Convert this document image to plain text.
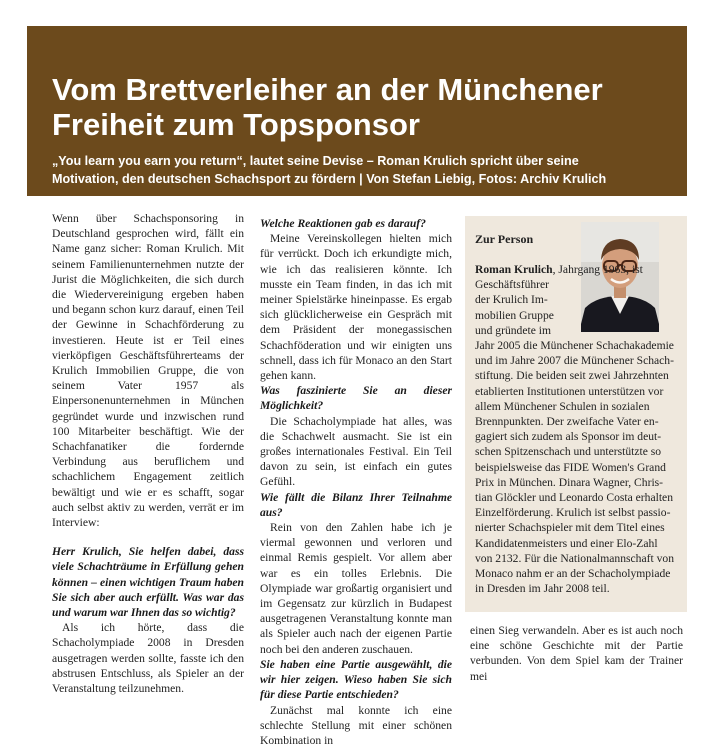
Vom Brettverleiher an der Münchener
Freiheit zum Topsponsor
„You learn you earn you return“, lautet seine Devise – Roman Krulich spricht über seine
Motivation, den deutschen Schachsport zu fördern | Von Stefan Liebig, Fotos: Archiv Krulich

Wenn über Schachsponsoring in Deutschland gesprochen wird, fällt ein Name ganz sicher: Roman Krulich. Mit seinem Familienunternehmen nutzte der Jurist die Möglichkeiten, die sich durch die Wiedervereinigung ergeben haben und begann schon kurz darauf, einen Teil der Gewinne in Schachförderung zu investieren. Heute ist er Teil eines vierköpfigen Geschäftsführerteams der Krulich Immobilien Gruppe, die von seinem Vater 1957 als Einpersonenunternehmen in München gegründet wurde und inzwischen rund 100 Mitarbeiter beschäftigt. Wie der Schachfanatiker die fordernde Verbindung aus beruflichem und schachlichem Engagement zeitlich bewältigt und wie er es schafft, sogar auch selbst aktiv zu werden, verrät er im Interview:

Herr Krulich, Sie helfen dabei, dass viele Schachträume in Erfüllung gehen können – einen wichtigen Traum haben Sie sich aber auch erfüllt. Was war das und warum war Ihnen das so wichtig?

Als ich hörte, dass die Schacholympiade 2008 in Dresden ausgetragen werden sollte, fasste ich den abstrusen Entschluss, als Spieler an der Veranstaltung teilzunehmen.

Welche Reaktionen gab es darauf?

Meine Vereinskollegen hielten mich für verrückt. Doch ich erkundigte mich, wie ich das realisieren könnte. Ich musste ein Team finden, in das ich mit meiner Spielstärke hineinpasse. Es ergab sich glücklicherweise ein Gespräch mit dem Präsident der monegassischen Schachföderation und wir einigten uns schnell, dass ich für Monaco an den Start gehen kann.

Was faszinierte Sie an dieser Möglichkeit?

Die Schacholympiade hat alles, was die Schachwelt ausmacht. Sie ist ein großes internationales Festival. Ein Teil davon zu sein, ist einfach ein gutes Gefühl.

Wie fällt die Bilanz Ihrer Teilnahme aus?

Rein von den Zahlen habe ich je viermal gewonnen und verloren und einmal Remis gespielt. Vor allem aber war es ein tolles Erlebnis. Die Olympiade war großartig organisiert und im Gegensatz zur kürzlich in Budapest ausgetragenen Veranstaltung konnte man als Spieler auch nach der eigenen Partie noch bei den anderen zuschauen.

Sie haben eine Partie ausgewählt, die wir hier zeigen. Wieso haben Sie sich für diese Partie entschieden?

Zunächst mal konnte ich eine schlechte Stellung mit einer schönen Kombination in

Zur Person
Roman Krulich, Jahrgang 1963, ist
Geschäftsführer
der Krulich Im-
mobilien Gruppe
und gründete im
Jahr 2005 die Münchener Schachakademie
und im Jahre 2007 die Münchener Schach-
stiftung. Die beiden seit zwei Jahrzehnten
etablierten Institutionen unterstützen vor
allem Münchener Schulen in sozialen
Brennpunkten. Der zweifache Vater en-
gagiert sich zudem als Sponsor im deut-
schen Spitzenschach und unterstützte so
beispielsweise das FIDE Women's Grand
Prix in München. Dinara Wagner, Chris-
tian Glöckler und Leonardo Costa erhalten
Einzelförderung. Krulich ist selbst passio-
nierter Schachspieler mit dem Titel eines
Kandidatenmeisters und einer Elo-Zahl
von 2132. Für die Nationalmannschaft von
Monaco nahm er an der Schacholympiade
in Dresden im Jahr 2008 teil.

einen Sieg verwandeln. Aber es ist auch noch eine schöne Geschichte mit der Partie verbunden. Von dem Spiel kam der Trainer mei
